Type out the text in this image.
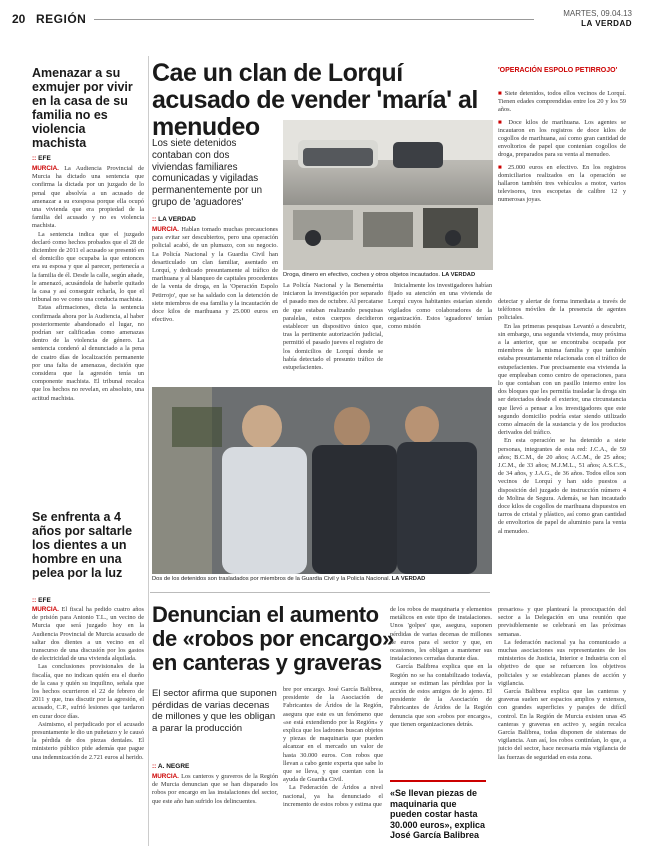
20 REGIÓN	MARTES, 09.04.13
LA VERDAD
Amenazar a su exmujer por vivir en la casa de su familia no es violencia machista
:: EFE

MURCIA. La Audiencia Provincial de Murcia ha dictado una sentencia que confirma la dictada por un juzgado de lo penal que absolvía a un acusado de amenazar a su exesposa porque ella ocupó una vivienda que era propiedad de la familia del acusado y no es violencia machista.

La sentencia indica que el juzgado declaró como hechos probados que el 28 de diciembre de 2011 el acusado se presentó en el domicilio que ocupaba la que entonces era su esposa y que al parecer, pertenecía a la familia de él. Desde la calle, según añade, le amenazó, acusándola de haberle quitado la casa y así conseguir echarla, lo que el tribunal no ve como una conducta machista.

Estas afirmaciones, dicta la sentencia confirmada ahora por la Audiencia, al haber posteriormente abandonado el lugar, no podrían ser calificadas como amenazas dentro de la violencia de género. La sentencia condenó al denunciado a la pena de cuatro días de localización permanente por una falta de amenazas, decisión que considera que la agresión tenía un componente machista. El tribunal recalca que los hechos no revelan, en absoluto, una actitud machista.

Se enfrenta a 4 años por saltarle los dientes a un hombre en una pelea por la luz
:: EFE

MURCIA. El fiscal ha pedido cuatro años de prisión para Antonio T.L., un vecino de Murcia que será juzgado hoy en la Audiencia Provincial de Murcia acusado de saltar dos dientes a un vecino en el transcurso de una discusión por los gastos de electricidad de una vivienda alquilada.

Las conclusiones provisionales de la fiscalía, que no indican quién era el dueño de la casa y quién su inquilino, señala que los hechos ocurrieron el 22 de febrero de 2011 y que, tras discutir por la agresión, el acusado, C.P., sufrió lesiones que tardaron en curar doce días.

Asimismo, el perjudicado por el acusado presuntamente le dio un puñetazo y le causó la pérdida de dos piezas dentales. El ministerio público pide además que pague una indemnización de 2.721 euros al herido.

Cae un clan de Lorquí acusado de vender 'maría' al menudeo
Los siete detenidos contaban con dos viviendas familiares comunicadas y vigiladas permanentemente por un grupo de 'aguadores'
Droga, dinero en efectivo, coches y otros objetos incautados. LA VERDAD
:: LA VERDAD

MURCIA. Hablan tomado muchas precauciones para evitar ser descubiertos, pero una operación policial acabó, de un plumazo, con su negocio. La Policía Nacional y la Guardia Civil han desarticulado un clan familiar, asentado en Lorquí, y dedicado presuntamente al tráfico de marihuana y al blanqueo de capitales procedentes de la venta de droga, en la 'Operación Espolo Petirrojo', que se ha saldado con la detención de siete miembros de esa familia y la incautación de doce kilos de marihuana y 25.000 euros en efectivo.

La Policía Nacional y la Benemérita iniciaron la investigación por separado el pasado mes de octubre. Al percatarse de que estaban realizando pesquisas paralelas, estos cuerpos decidieron establecer un dispositivo único que, tras la pertinente autorización judicial, permitió el pasado jueves el registro de los domicilios de Lorquí donde se había detectado el presunto tráfico de estupefacientes.

Inicialmente los investigadores habían fijado su atención en una vivienda de Lorquí cuyos habitantes estarían siendo vigilados como colaboradores de la organización. Estos 'aguadores' tenían como misión

Dos de los detenidos son trasladados por miembros de la Guardia Civil y la Policía Nacional. LA VERDAD
'OPERACIÓN ESPOLO PETIRROJO'

■ Siete detenidos, todos ellos vecinos de Lorquí. Tienen edades comprendidas entre los 20 y los 59 años.

■ Doce kilos de marihuana. Los agentes se incautaron en los registros de doce kilos de cogollos de marihuana, así como gran cantidad de envoltorios de papel que contenían cogollos de droga, preparados para su venta al menudeo.

■ 25.000 euros en efectivo. En los registros domiciliarios realizados en la operación se hallaron también tres vehículos a motor, varios televisores, tres escopetas de calibre 12 y numerosas joyas.

detectar y alertar de forma inmediata a través de teléfonos móviles de la presencia de agentes policiales.

En las primeras pesquisas Levantó a descubrir, sin embargo, una segunda vivienda, muy próxima a la anterior, que se encontraba ocupada por miembros de la misma familia y que también estaba presuntamente relacionada con el tráfico de estupefacientes. Fue precisamente esa vivienda la que empleaban como centro de operaciones, para lo que contaban con un pasillo interno entre los dos bloques que les permitía trasladar la droga sin ser detectados desde el exterior, una circunstancia que llevó a pensar a los investigadores que este segundo domicilio podría estar siendo utilizado como almacén de la sustancia y de los productos derivados del tráfico.

En esta operación se ha detenido a siete personas, integrantes de esta red: J.C.A., de 59 años; B.C.M., de 20 años; A.C.M., de 25 años; J.C.M., de 33 años; M.J.M.L., 51 años; A.S.C.S., de 34 años, y J.A.G., de 36 años. Todos ellos son vecinos de Lorquí y han sido puestos a disposición del juzgado de instrucción número 4 de Molina de Segura. Además, se han incautado doce kilos de cogollos de marihuana dispuestos en tarros de cristal y plástico, así como gran cantidad de envoltorios de papel de aluminio para la venta al menudeo.

Denuncian el aumento de «robos por encargo» en canteras y graveras
El sector afirma que suponen pérdidas de varias decenas de millones y que les obligan a parar la producción
:: A. NEGRE

MURCIA. Los canteros y graveros de la Región de Murcia denuncian que se han disparado los robos por encargo en las instalaciones del sector, que este año han sufrido los delincuentes.

bre por encargo. José García Balibrea, presidente de la Asociación de Fabricantes de Áridos de la Región, asegura que este es un fenómeno que «se está extendiendo por la Región» y explica que los ladrones buscan objetos y piezas de maquinaria que pueden alcanzar en el mercado un valor de hasta 30.000 euros. Con robos que llevan a cabo gente experta que sabe lo que se lleva, y que cuentan con la ayuda de Guardia Civil.

La Federación de Áridos a nivel nacional, ya ha denunciado el incremento de estos robos y estima que

de los robos de maquinaria y elementos metálicos en este tipo de instalaciones. Unos 'golpes' que, asegura, suponen pérdidas de varias decenas de millones de euros para el sector y que, en ocasiones, les obligan a mantener sus instalaciones cerradas durante días.

García Balibrea explica que en la Región no se ha contabilizado todavía, aunque se estiman las pérdidas por la acción de estos amigos de lo ajeno. El presidente de la Asociación de Fabricantes de Áridos de la Región denuncia que son «robos por encargo», que tienen organizaciones detrás.

«Se llevan piezas de maquinaria que pueden costar hasta 30.000 euros», explica José García Balibrea

presarios» y que planteará la preocupación del sector a la Delegación en una reunión que previsiblemente se celebrará en las próximas semanas.

La federación nacional ya ha comunicado a muchas asociaciones sus representantes de los ministerios de Justicia, Interior e Industria con el objetivo de que se refuercen los objetivos policiales y se establezcan planes de acción y vigilancia.

García Balibrea explica que las canteras y graveras suelen ser espacios amplios y extensos, con grandes superficies y parajes de difícil control. En la Región de Murcia existen unas 45 canteras y graveras en activo y, según recalca García Balibrea, todas disponen de sistemas de vigilancia. Aun así, los robos continúan, lo que, a juicio del sector, hace necesaria más vigilancia de las fuerzas de seguridad en esta zona.
